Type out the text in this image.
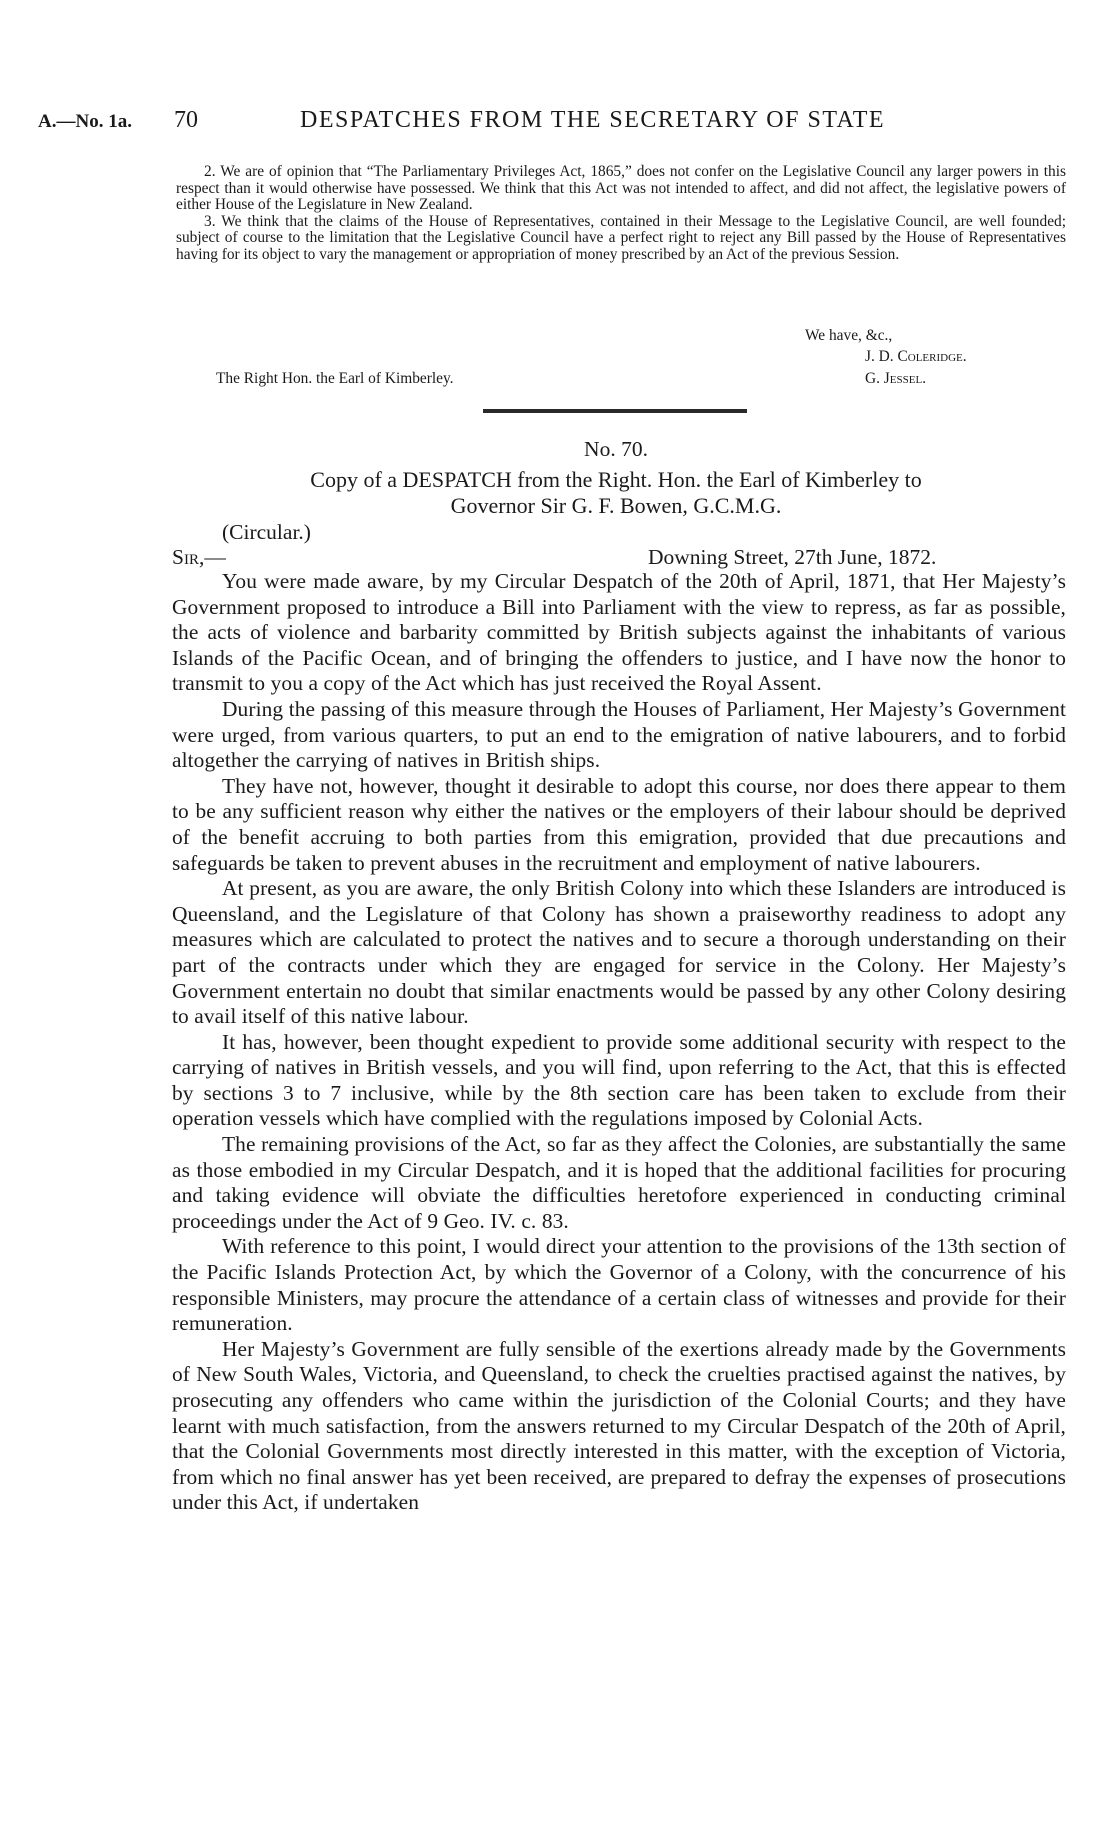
A.—No. 1a. 70	DESPATCHES FROM THE SECRETARY OF STATE

2. We are of opinion that “The Parliamentary Privileges Act, 1865,” does not confer on the Legislative Council any larger powers in this respect than it would otherwise have possessed. We think that this Act was not intended to affect, and did not affect, the legislative powers of either House of the Legislature in New Zealand.

3. We think that the claims of the House of Representatives, contained in their Message to the Legislative Council, are well founded; subject of course to the limitation that the Legislative Council have a perfect right to reject any Bill passed by the House of Representatives having for its object to vary the management or appropriation of money prescribed by an Act of the previous Session.

We have, &c.,
J. D. Coleridge.
The Right Hon. the Earl of Kimberley.	G. Jessel.
No. 70.
Copy of a DESPATCH from the Right. Hon. the Earl of Kimberley to
Governor Sir G. F. Bowen, G.C.M.G.
(Circular.)
Sir,—	Downing Street, 27th June, 1872.

You were made aware, by my Circular Despatch of the 20th of April, 1871, that Her Majesty’s Government proposed to introduce a Bill into Parliament with the view to repress, as far as possible, the acts of violence and barbarity committed by British subjects against the inhabitants of various Islands of the Pacific Ocean, and of bringing the offenders to justice, and I have now the honor to transmit to you a copy of the Act which has just received the Royal Assent.

During the passing of this measure through the Houses of Parliament, Her Majesty’s Government were urged, from various quarters, to put an end to the emigration of native labourers, and to forbid altogether the carrying of natives in British ships.

They have not, however, thought it desirable to adopt this course, nor does there appear to them to be any sufficient reason why either the natives or the employers of their labour should be deprived of the benefit accruing to both parties from this emigration, provided that due precautions and safeguards be taken to prevent abuses in the recruitment and employment of native labourers.

At present, as you are aware, the only British Colony into which these Islanders are introduced is Queensland, and the Legislature of that Colony has shown a praiseworthy readiness to adopt any measures which are calculated to protect the natives and to secure a thorough understanding on their part of the contracts under which they are engaged for service in the Colony. Her Majesty’s Government entertain no doubt that similar enactments would be passed by any other Colony desiring to avail itself of this native labour.

It has, however, been thought expedient to provide some additional security with respect to the carrying of natives in British vessels, and you will find, upon referring to the Act, that this is effected by sections 3 to 7 inclusive, while by the 8th section care has been taken to exclude from their operation vessels which have complied with the regulations imposed by Colonial Acts.

The remaining provisions of the Act, so far as they affect the Colonies, are substantially the same as those embodied in my Circular Despatch, and it is hoped that the additional facilities for procuring and taking evidence will obviate the difficulties heretofore experienced in conducting criminal proceedings under the Act of 9 Geo. IV. c. 83.

With reference to this point, I would direct your attention to the provisions of the 13th section of the Pacific Islands Protection Act, by which the Governor of a Colony, with the concurrence of his responsible Ministers, may procure the attendance of a certain class of witnesses and provide for their remuneration.

Her Majesty’s Government are fully sensible of the exertions already made by the Governments of New South Wales, Victoria, and Queensland, to check the cruelties practised against the natives, by prosecuting any offenders who came within the jurisdiction of the Colonial Courts; and they have learnt with much satisfaction, from the answers returned to my Circular Despatch of the 20th of April, that the Colonial Governments most directly interested in this matter, with the exception of Victoria, from which no final answer has yet been received, are prepared to defray the expenses of prosecutions under this Act, if undertaken
